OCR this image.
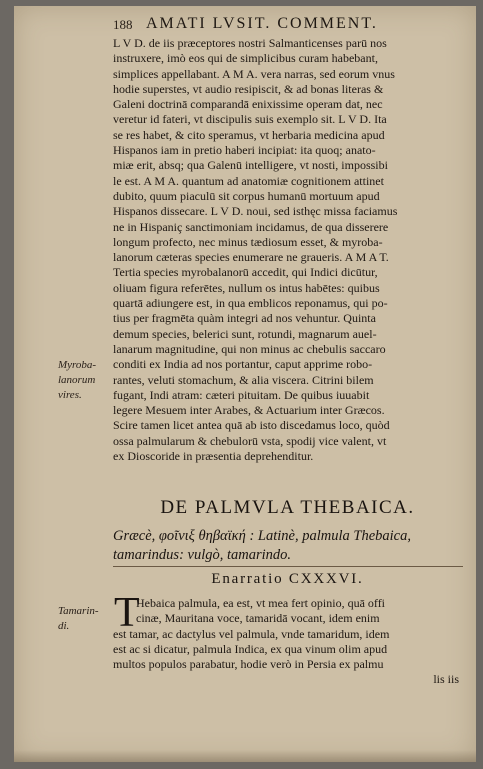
188 AMATI LVSIT. COMMENT.
L V D. de iis præceptores nostri Salmanticenses parū nos
instruxere, imò eos qui de simplicibus curam habebant,
simplices appellabant. A M A. vera narras, sed eorum vnus
hodie superstes, vt audio resipiscit, & ad bonas literas &
Galeni doctrinā comparandā enixissime operam dat, nec
veretur id fateri, vt discipulis suis exemplo sit. L V D. Ita
se res habet, & cito speramus, vt herbaria medicina apud
Hispanos iam in pretio haberi incipiat: ita quoq; anato-
miæ erit, absq; qua Galenū intelligere, vt nosti, impossibi
le est. A M A. quantum ad anatomiæ cognitionem attinet
dubito, quum piaculū sit corpus humanū mortuum apud
Hispanos dissecare. L V D. noui, sed isthęc missa faciamus
ne in Hispaniç sanctimoniam incidamus, de qua disserere
longum profecto, nec minus tædiosum esset, & myroba-
lanorum cæteras species enumerare ne graueris. A M A T.
Tertia species myrobalanorū accedit, qui Indici dicūtur,
oliuam figura referētes, nullum os intus habētes: quibus
quartā adiungere est, in qua emblicos reponamus, qui po-
tius per fragmēta quàm integri ad nos vehuntur. Quinta
demum species, belerici sunt, rotundi, magnarum auel-
lanarum magnitudine, qui non minus ac chebulis saccaro
conditi ex India ad nos portantur, caput apprime robo-
rantes, veluti stomachum, & alia viscera. Citrini bilem
fugant, Indi atram: cæteri pituitam. De quibus iuuabit
legere Mesuem inter Arabes, & Actuarium inter Græcos.
Scire tamen licet antea quā ab isto discedamus loco, quòd
ossa palmularum & chebulorū vsta, spodij vice valent, vt
ex Dioscoride in præsentia deprehenditur.
Myroba-
lanorum
vires.
DE PALMVLA THEBAICA.
Græcè, φοῖνιξ θηβαϊκή : Latinè, palmula Thebaica,
tamarindus: vulgò, tamarindo.
Enarratio CXXXVI.
Tamarin-
di.	T
Hebaica palmula, ea est, vt mea fert opinio, quā offi
cinæ, Mauritana voce, tamaridā vocant, idem enim
est tamar, ac dactylus vel palmula, vnde tamaridum, idem
est ac si dicatur, palmula Indica, ex qua vinum olim apud
multos populos parabatur, hodie verò in Persia ex palmu
lis iis
